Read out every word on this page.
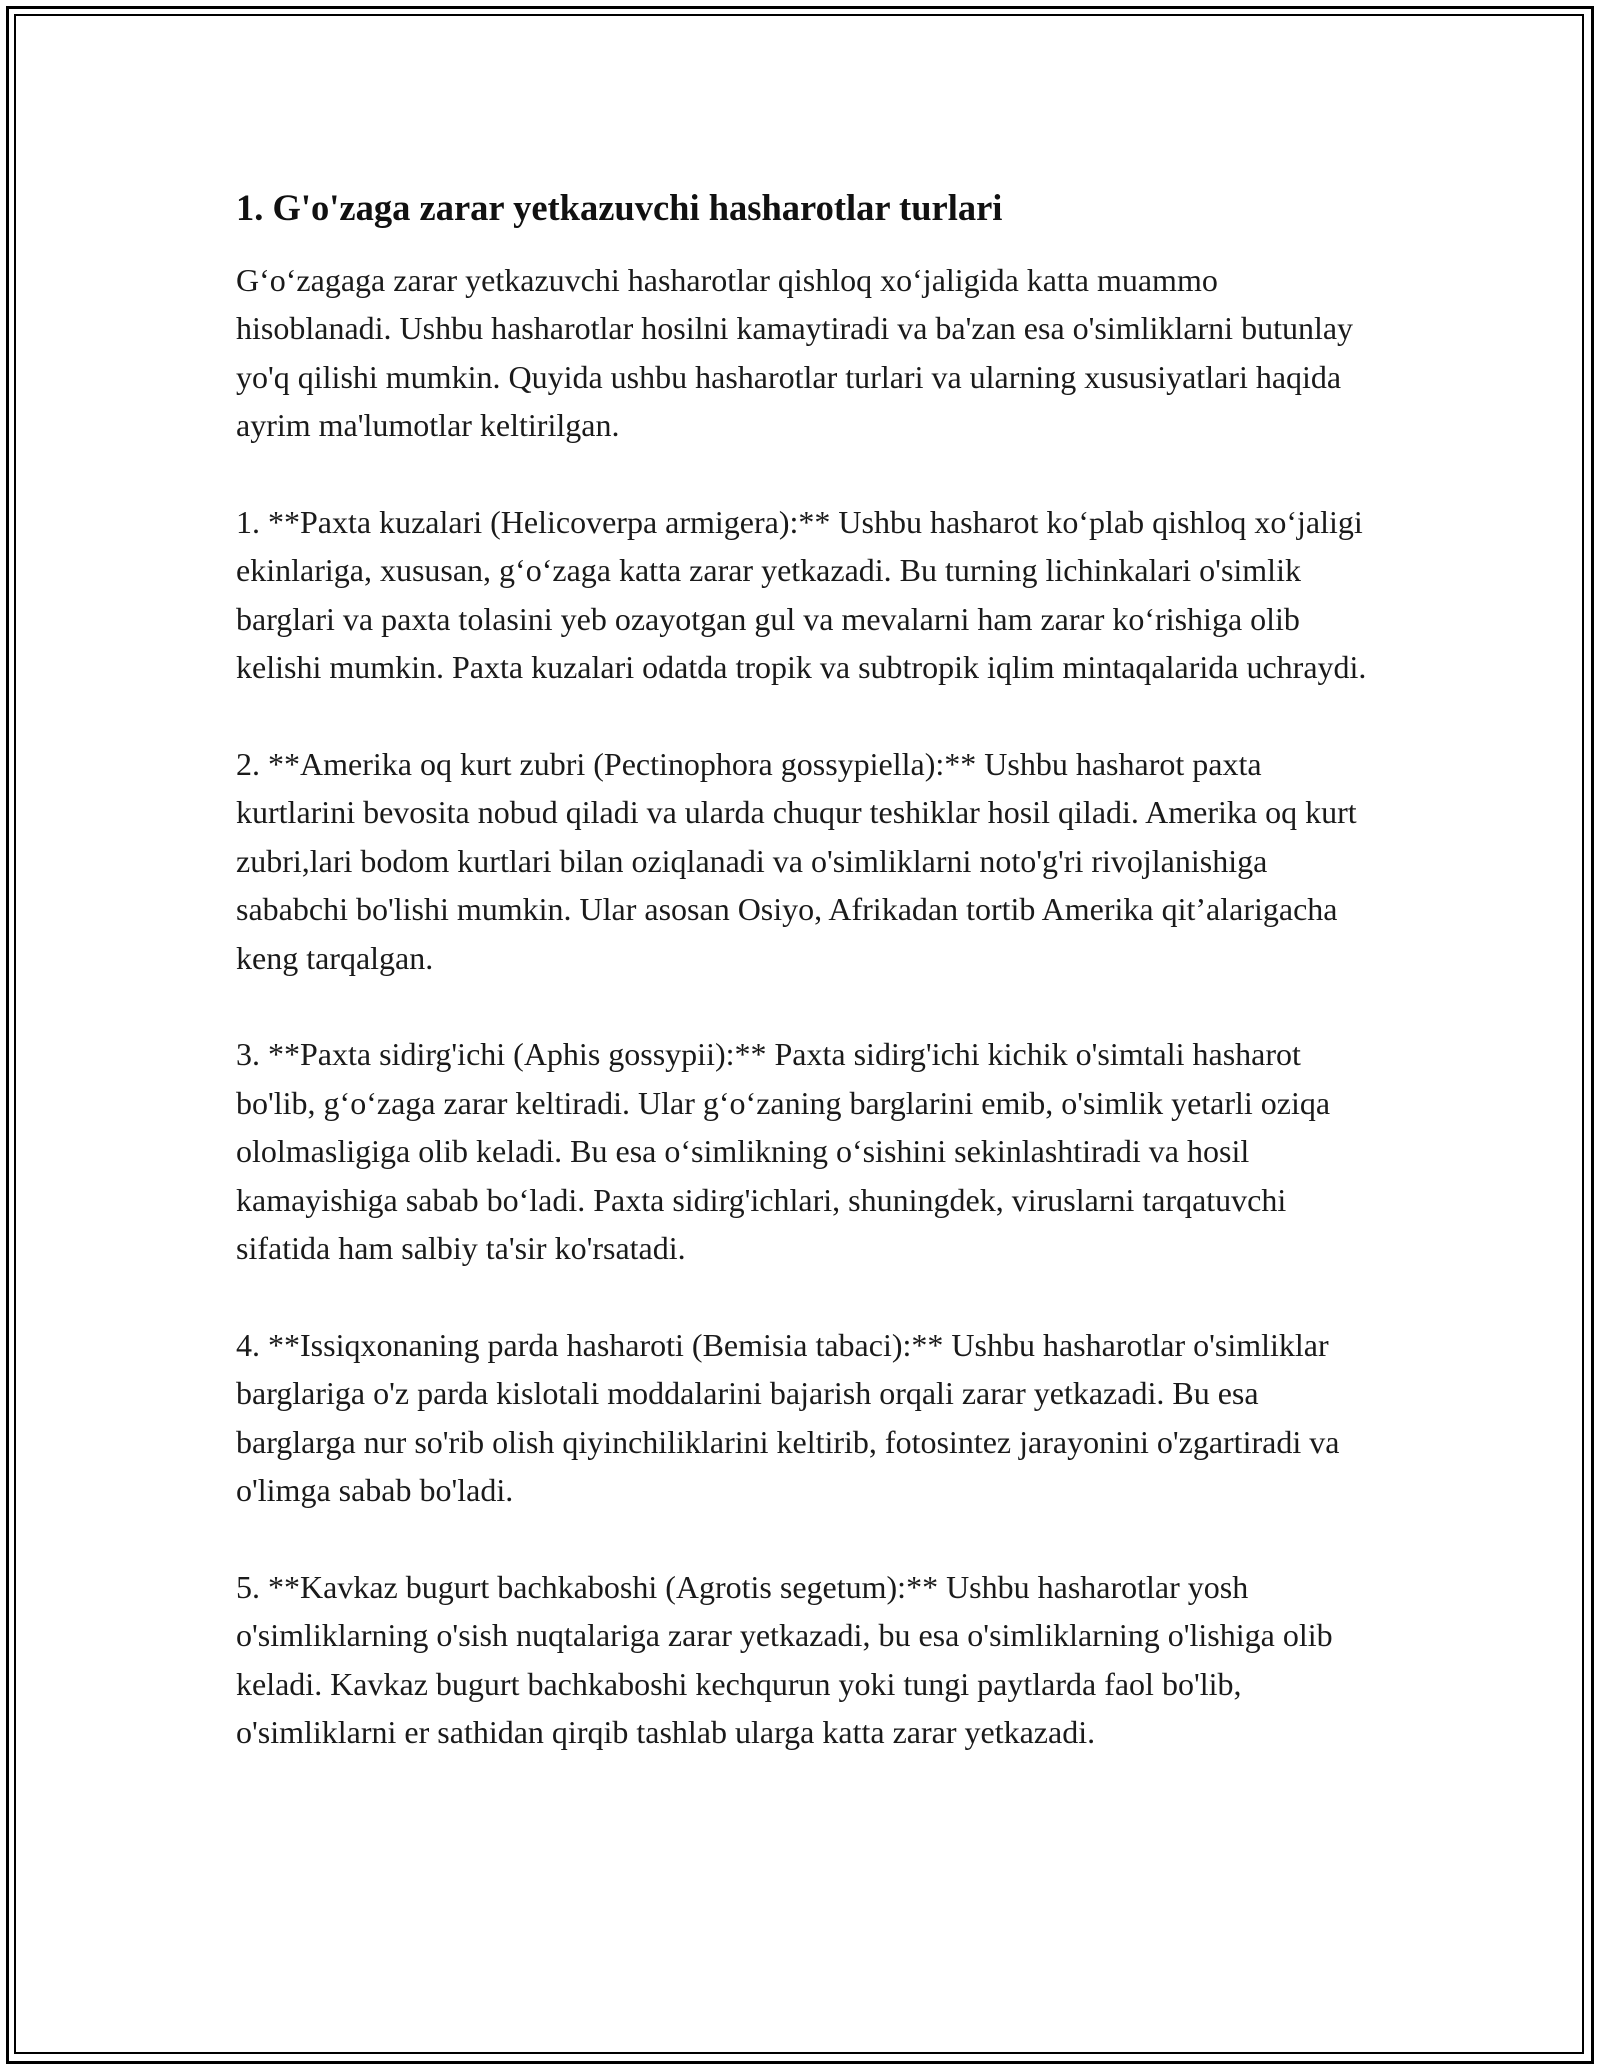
1. G'o'zaga zarar yetkazuvchi hasharotlar turlari

G‘o‘zagaga zarar yetkazuvchi hasharotlar qishloq xo‘jaligida katta muammo hisoblanadi. Ushbu hasharotlar hosilni kamaytiradi va ba'zan esa o'simliklarni butunlay yo'q qilishi mumkin. Quyida ushbu hasharotlar turlari va ularning xususiyatlari haqida ayrim ma'lumotlar keltirilgan.

1. **Paxta kuzalari (Helicoverpa armigera):** Ushbu hasharot ko‘plab qishloq xo‘jaligi ekinlariga, xususan, g‘o‘zaga katta zarar yetkazadi. Bu turning lichinkalari o'simlik barglari va paxta tolasini yeb ozayotgan gul va mevalarni ham zarar ko‘rishiga olib kelishi mumkin. Paxta kuzalari odatda tropik va subtropik iqlim mintaqalarida uchraydi.

2. **Amerika oq kurt zubri (Pectinophora gossypiella):** Ushbu hasharot paxta kurtlarini bevosita nobud qiladi va ularda chuqur teshiklar hosil qiladi. Amerika oq kurt zubri,lari bodom kurtlari bilan oziqlanadi va o'simliklarni noto'g'ri rivojlanishiga sababchi bo'lishi mumkin. Ular asosan Osiyo, Afrikadan tortib Amerika qit’alarigacha keng tarqalgan.

3. **Paxta sidirg'ichi (Aphis gossypii):** Paxta sidirg'ichi kichik o'simtali hasharot bo'lib, g‘o‘zaga zarar keltiradi. Ular g‘o‘zaning barglarini emib, o'simlik yetarli oziqa ololmasligiga olib keladi. Bu esa o‘simlikning o‘sishini sekinlashtiradi va hosil kamayishiga sabab bo‘ladi. Paxta sidirg'ichlari, shuningdek, viruslarni tarqatuvchi sifatida ham salbiy ta'sir ko'rsatadi.

4. **Issiqxonaning parda hasharoti (Bemisia tabaci):** Ushbu hasharotlar o'simliklar barglariga o'z parda kislotali moddalarini bajarish orqali zarar yetkazadi. Bu esa barglarga nur so'rib olish qiyinchiliklarini keltirib, fotosintez jarayonini o'zgartiradi va o'limga sabab bo'ladi.

5. **Kavkaz bugurt bachkaboshi (Agrotis segetum):** Ushbu hasharotlar yosh o'simliklarning o'sish nuqtalariga zarar yetkazadi, bu esa o'simliklarning o'lishiga olib keladi. Kavkaz bugurt bachkaboshi kechqurun yoki tungi paytlarda faol bo'lib, o'simliklarni er sathidan qirqib tashlab ularga katta zarar yetkazadi.
